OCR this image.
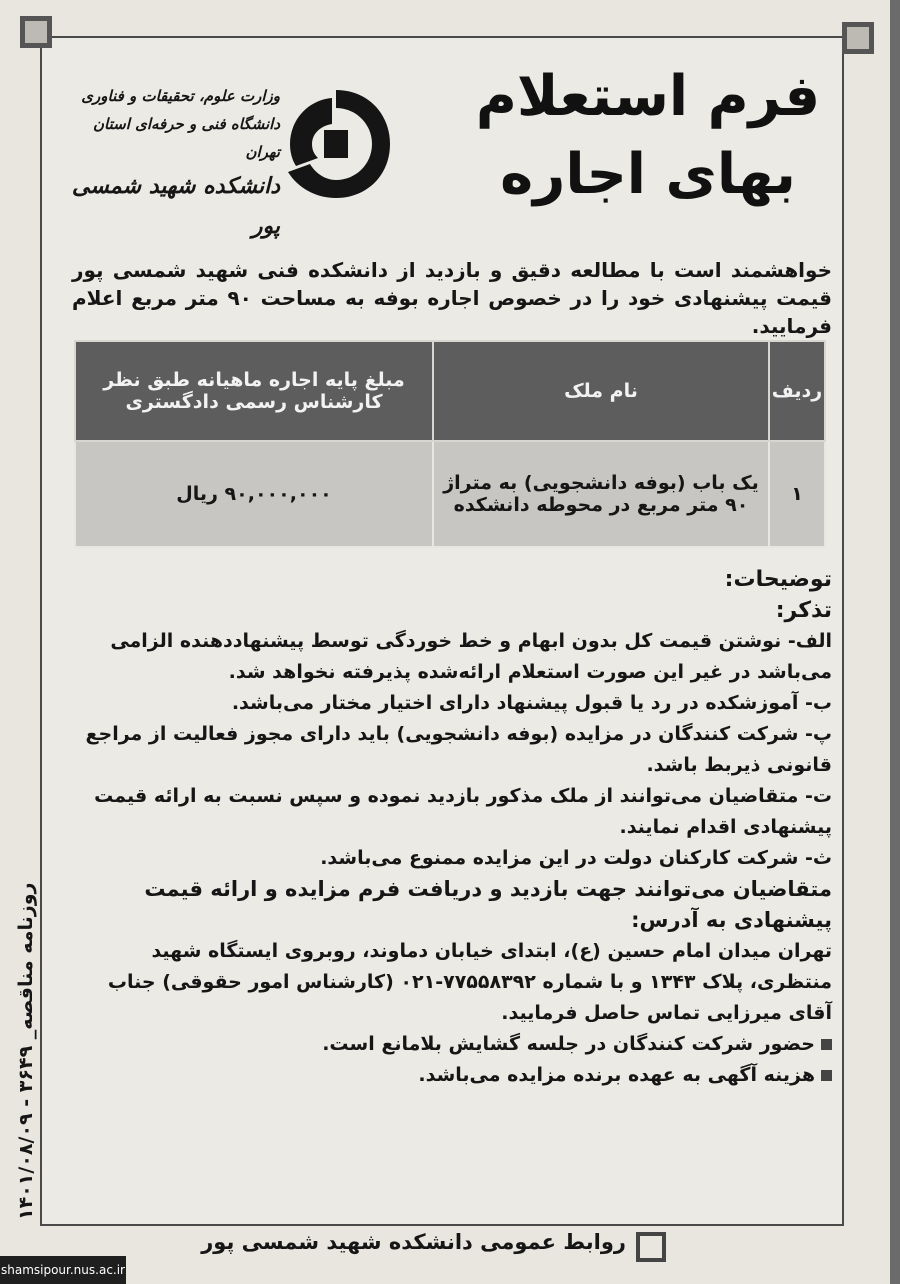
فرم استعلام
بهای اجاره
وزارت علوم، تحقیقات و فناوری
دانشگاه فنی و حرفه‌ای استان تهران
دانشکده شهید شمسی پور
خواهشمند است با مطالعه دقیق و بازدید از دانشکده فنی شهید شمسی پور قیمت پیشنهادی خود را در خصوص اجاره بوفه به مساحت ۹۰ متر مربع اعلام فرمایید.
ردیف	نام ملک	مبلغ پایه اجاره ماهیانه طبق نظر کارشناس رسمی دادگستری
۱	یک باب (بوفه دانشجویی) به متراژ ۹۰ متر مربع در محوطه دانشکده	۹۰,۰۰۰,۰۰۰ ریال

توضیحات:

تذکر:

الف- نوشتن قیمت کل بدون ابهام و خط خوردگی توسط پیشنهاددهنده الزامی می‌باشد در غیر این صورت استعلام ارائه‌شده پذیرفته نخواهد شد.

ب- آموزشکده در رد یا قبول پیشنهاد دارای اختیار مختار می‌باشد.

پ- شرکت کنندگان در مزایده (بوفه دانشجویی) باید دارای مجوز فعالیت از مراجع قانونی ذیربط باشد.

ت- متقاضیان می‌توانند از ملک مذکور بازدید نموده و سپس نسبت به ارائه قیمت پیشنهادی اقدام نمایند.

ث- شرکت کارکنان دولت در این مزایده ممنوع می‌باشد.

متقاضیان می‌توانند جهت بازدید و دریافت فرم مزایده و ارائه قیمت پیشنهادی به آدرس:

تهران میدان امام حسین (ع)، ابتدای خیابان دماوند، روبروی ایستگاه شهید منتظری، پلاک ۱۳۴۳ و با شماره ۷۷۵۵۸۳۹۲-۰۲۱ (کارشناس امور حقوقی) جناب آقای میرزایی تماس حاصل فرمایید.

حضور شرکت کنندگان در جلسه گشایش بلامانع است.

هزینه آگهی به عهده برنده مزایده می‌باشد.

روزنامه مناقصه_ ۳۶۴۹ - ۱۴۰۱/۰۸/۰۹
روابط عمومی دانشکده شهید شمسی پور
shamsipour.nus.ac.ir
